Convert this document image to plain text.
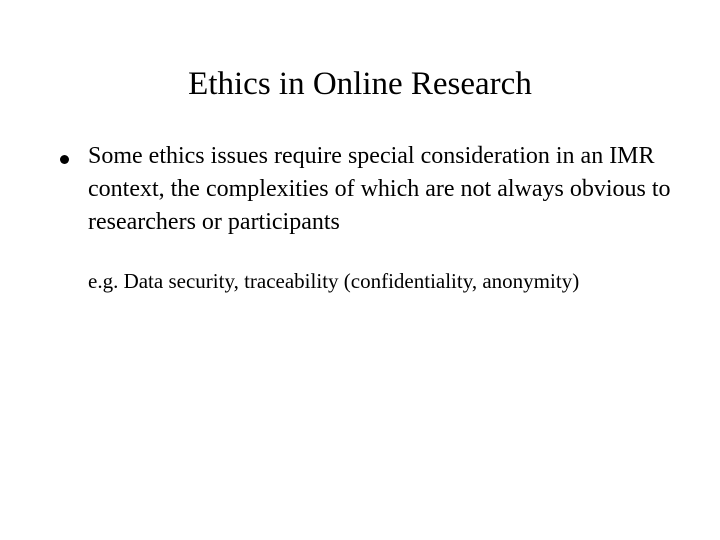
Ethics in Online Research
Some ethics issues require special consideration in an IMR context, the complexities of which are not always obvious to researchers or participants
e.g. Data security, traceability (confidentiality, anonymity)
